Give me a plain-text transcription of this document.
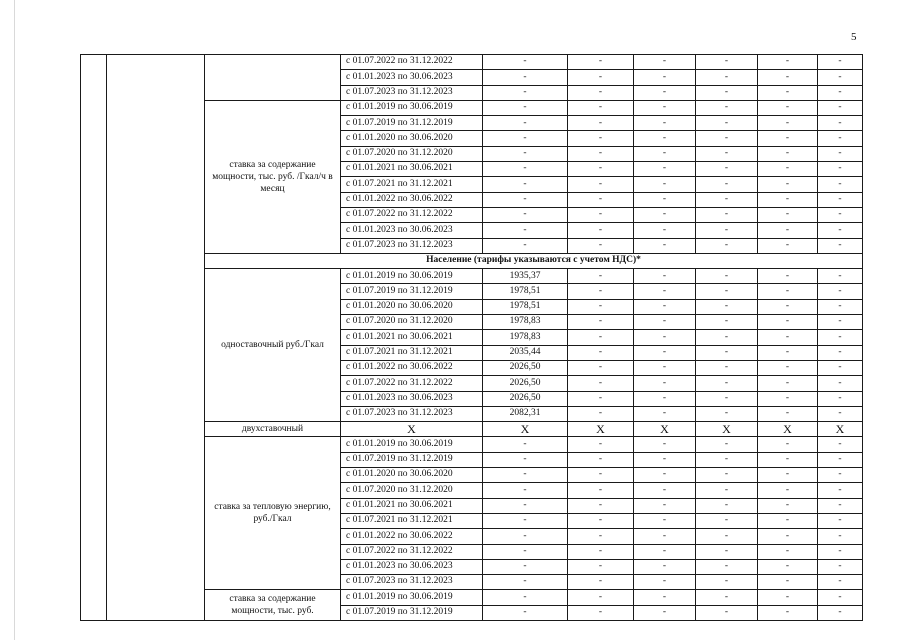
5
			с 01.07.2022 по 31.12.2022	-	-	-	-	-	-
			с 01.01.2023 по 30.06.2023	-	-	-	-	-	-
			с 01.07.2023 по 31.12.2023	-	-	-	-	-	-
		ставка за содержание мощности, тыс. руб. /Гкал/ч в месяц	с 01.01.2019 по 30.06.2019	-	-	-	-	-	-
			с 01.07.2019 по 31.12.2019	-	-	-	-	-	-
			с 01.01.2020 по 30.06.2020	-	-	-	-	-	-
			с 01.07.2020 по 31.12.2020	-	-	-	-	-	-
			с 01.01.2021 по 30.06.2021	-	-	-	-	-	-
			с 01.07.2021 по 31.12.2021	-	-	-	-	-	-
			с 01.01.2022 по 30.06.2022	-	-	-	-	-	-
			с 01.07.2022 по 31.12.2022	-	-	-	-	-	-
			с 01.01.2023 по 30.06.2023	-	-	-	-	-	-
			с 01.07.2023 по 31.12.2023	-	-	-	-	-	-
		Население (тарифы указываются с учетом НДС)*							
		одноставочный руб./Гкал	с 01.01.2019 по 30.06.2019	1935,37	-	-	-	-	-
			с 01.07.2019 по 31.12.2019	1978,51	-	-	-	-	-
			с 01.01.2020 по 30.06.2020	1978,51	-	-	-	-	-
			с 01.07.2020 по 31.12.2020	1978,83	-	-	-	-	-
			с 01.01.2021 по 30.06.2021	1978,83	-	-	-	-	-
			с 01.07.2021 по 31.12.2021	2035,44	-	-	-	-	-
			с 01.01.2022 по 30.06.2022	2026,50	-	-	-	-	-
			с 01.07.2022 по 31.12.2022	2026,50	-	-	-	-	-
			с 01.01.2023 по 30.06.2023	2026,50	-	-	-	-	-
			с 01.07.2023 по 31.12.2023	2082,31	-	-	-	-	-
		двухставочный	X	X	X	X	X	X	X
		ставка за тепловую энергию, руб./Гкал	с 01.01.2019 по 30.06.2019	-	-	-	-	-	-
			с 01.07.2019 по 31.12.2019	-	-	-	-	-	-
			с 01.01.2020 по 30.06.2020	-	-	-	-	-	-
			с 01.07.2020 по 31.12.2020	-	-	-	-	-	-
			с 01.01.2021 по 30.06.2021	-	-	-	-	-	-
			с 01.07.2021 по 31.12.2021	-	-	-	-	-	-
			с 01.01.2022 по 30.06.2022	-	-	-	-	-	-
			с 01.07.2022 по 31.12.2022	-	-	-	-	-	-
			с 01.01.2023 по 30.06.2023	-	-	-	-	-	-
			с 01.07.2023 по 31.12.2023	-	-	-	-	-	-
		ставка за содержание мощности, тыс. руб.	с 01.01.2019 по 30.06.2019	-	-	-	-	-	-
			с 01.07.2019 по 31.12.2019	-	-	-	-	-	-
